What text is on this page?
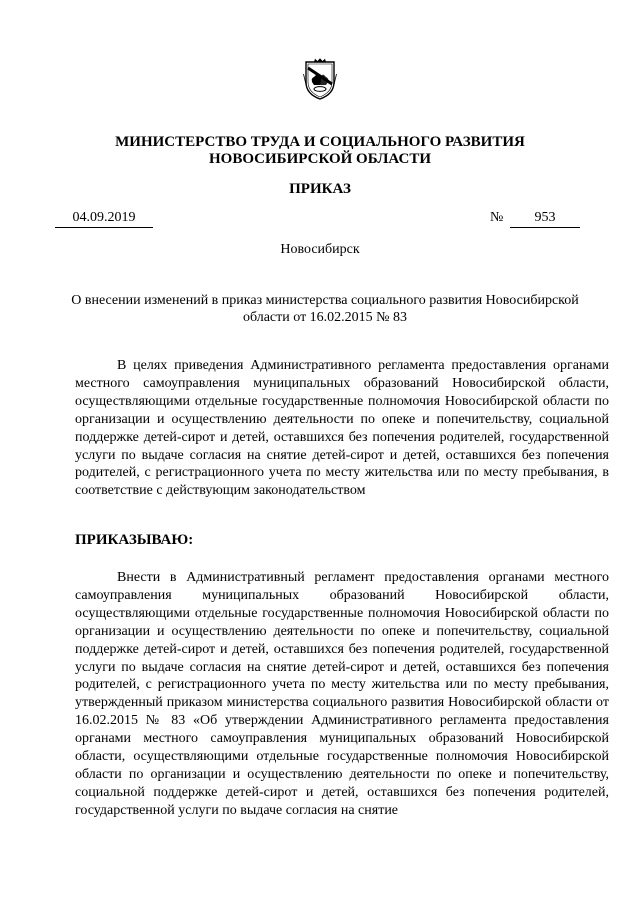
МИНИСТЕРСТВО ТРУДА И СОЦИАЛЬНОГО РАЗВИТИЯ
НОВОСИБИРСКОЙ ОБЛАСТИ
ПРИКАЗ
04.09.2019	№	953
Новосибирск
О внесении изменений в приказ министерства социального развития Новосибирской области от 16.02.2015 № 83

В целях приведения Административного регламента предоставления органами местного самоуправления муниципальных образований Новосибирской области, осуществляющими отдельные государственные полномочия Новосибирской области по организации и осуществлению деятельности по опеке и попечительству, социальной поддержке детей-сирот и детей, оставшихся без попечения родителей, государственной услуги по выдаче согласия на снятие детей-сирот и детей, оставшихся без попечения родителей, с регистрационного учета по месту жительства или по месту пребывания, в соответствие с действующим законодательством

ПРИКАЗЫВАЮ:

Внести в Административный регламент предоставления органами местного самоуправления муниципальных образований Новосибирской области, осуществляющими отдельные государственные полномочия Новосибирской области по организации и осуществлению деятельности по опеке и попечительству, социальной поддержке детей-сирот и детей, оставшихся без попечения родителей, государственной услуги по выдаче согласия на снятие детей-сирот и детей, оставшихся без попечения родителей, с регистрационного учета по месту жительства или по месту пребывания, утвержденный приказом министерства социального развития Новосибирской области от 16.02.2015 № 83 «Об утверждении Административного регламента предоставления органами местного самоуправления муниципальных образований Новосибирской области, осуществляющими отдельные государственные полномочия Новосибирской области по организации и осуществлению деятельности по опеке и попечительству, социальной поддержке детей-сирот и детей, оставшихся без попечения родителей, государственной услуги по выдаче согласия на снятие
